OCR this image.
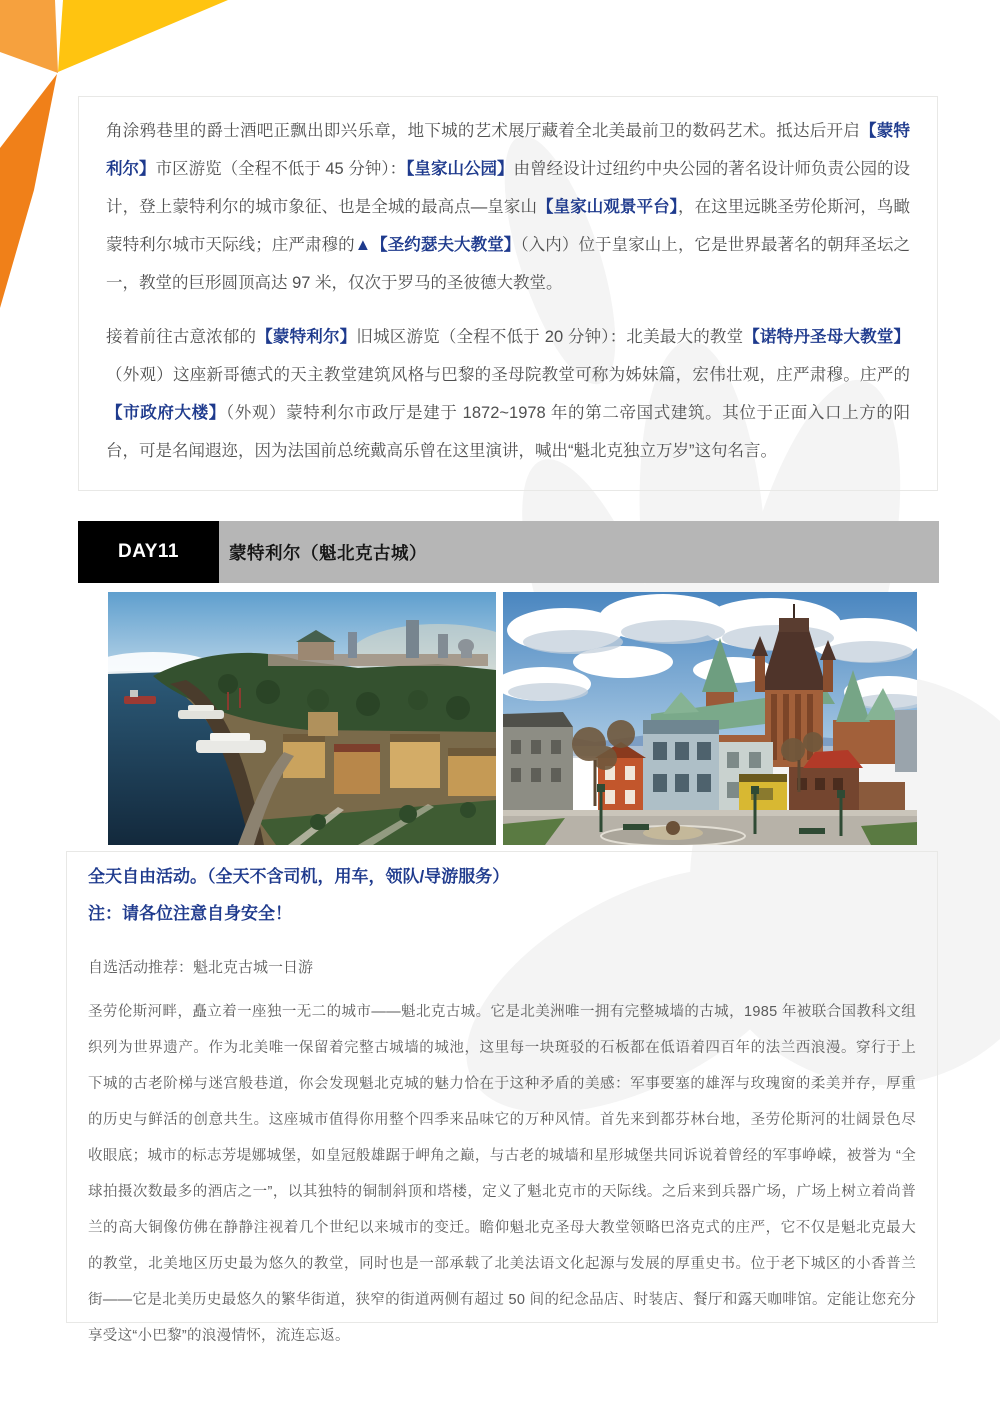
角涂鸦巷里的爵士酒吧正飘出即兴乐章，地下城的艺术展厅藏着全北美最前卫的数码艺术。抵达后开启【蒙特利尔】市区游览（全程不低于 45 分钟）：【皇家山公园】由曾经设计过纽约中央公园的著名设计师负责公园的设计，登上蒙特利尔的城市象征、也是全城的最高点—皇家山【皇家山观景平台】，在这里远眺圣劳伦斯河，鸟瞰蒙特利尔城市天际线；庄严肃穆的▲【圣约瑟夫大教堂】（入内）位于皇家山上，它是世界最著名的朝拜圣坛之一，教堂的巨形圆顶高达 97 米，仅次于罗马的圣彼德大教堂。

接着前往古意浓郁的【蒙特利尔】旧城区游览（全程不低于 20 分钟）：北美最大的教堂【诺特丹圣母大教堂】（外观）这座新哥德式的天主教堂建筑风格与巴黎的圣母院教堂可称为姊妹篇，宏伟壮观，庄严肃穆。庄严的【市政府大楼】（外观）蒙特利尔市政厅是建于 1872~1978 年的第二帝国式建筑。其位于正面入口上方的阳台，可是名闻遐迩，因为法国前总统戴高乐曾在这里演讲，喊出“魁北克独立万岁”这句名言。

DAY11	蒙特利尔（魁北克古城）

全天自由活动。（全天不含司机，用车，领队/导游服务）

注：请各位注意自身安全！

自选活动推荐：魁北克古城一日游
圣劳伦斯河畔，矗立着一座独一无二的城市——魁北克古城。它是北美洲唯一拥有完整城墙的古城，1985 年被联合国教科文组织列为世界遗产。作为北美唯一保留着完整古城墙的城池，这里每一块斑驳的石板都在低语着四百年的法兰西浪漫。穿行于上下城的古老阶梯与迷宫般巷道，你会发现魁北克城的魅力恰在于这种矛盾的美感：军事要塞的雄浑与玫瑰窗的柔美并存，厚重的历史与鲜活的创意共生。这座城市值得你用整个四季来品味它的万种风情。首先来到都芬林台地，圣劳伦斯河的壮阔景色尽收眼底；城市的标志芳堤娜城堡，如皇冠般雄踞于岬角之巅，与古老的城墙和星形城堡共同诉说着曾经的军事峥嵘，被誉为 “全球拍摄次数最多的酒店之一”，以其独特的铜制斜顶和塔楼，定义了魁北克市的天际线。之后来到兵器广场，广场上树立着尚普兰的高大铜像仿佛在静静注视着几个世纪以来城市的变迁。瞻仰魁北克圣母大教堂领略巴洛克式的庄严，它不仅是魁北克最大的教堂，北美地区历史最为悠久的教堂，同时也是一部承载了北美法语文化起源与发展的厚重史书。位于老下城区的小香普兰街——它是北美历史最悠久的繁华街道，狭窄的街道两侧有超过 50 间的纪念品店、时装店、餐厅和露天咖啡馆。定能让您充分享受这“小巴黎”的浪漫情怀，流连忘返。
